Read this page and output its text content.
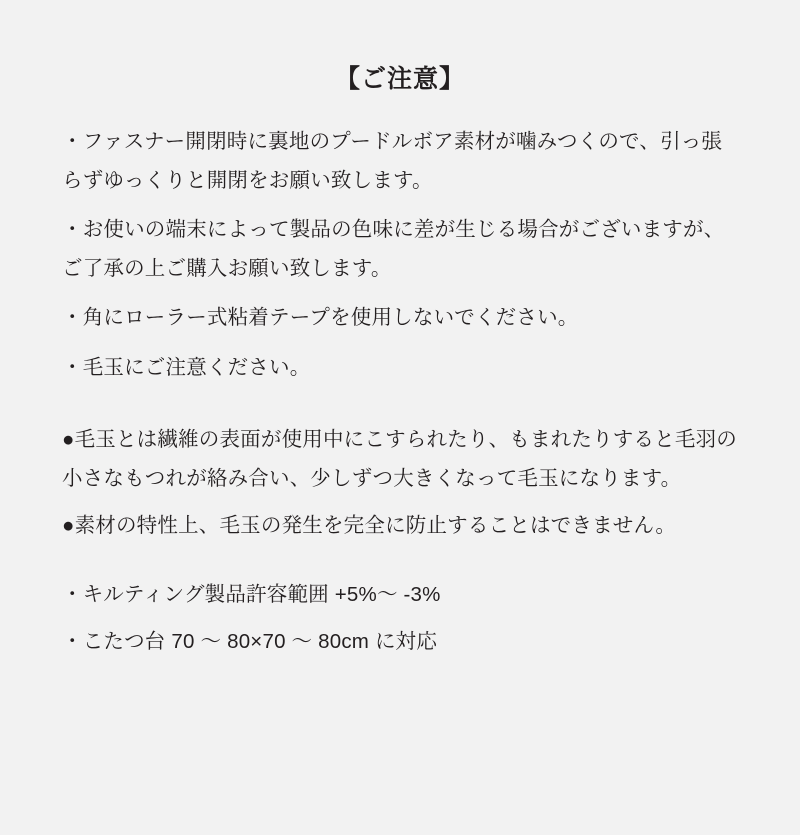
【ご注意】

・ファスナー開閉時に裏地のプードルボア素材が噛みつくので、引っ張らずゆっくりと開閉をお願い致します。

・お使いの端末によって製品の色味に差が生じる場合がございますが、ご了承の上ご購入お願い致します。

・角にローラー式粘着テープを使用しないでください。

・毛玉にご注意ください。

●毛玉とは繊維の表面が使用中にこすられたり、もまれたりすると毛羽の小さなもつれが絡み合い、少しずつ大きくなって毛玉になります。

●素材の特性上、毛玉の発生を完全に防止することはできません。

・キルティング製品許容範囲 +5%〜 -3%

・こたつ台 70 〜 80×70 〜 80cm に対応
